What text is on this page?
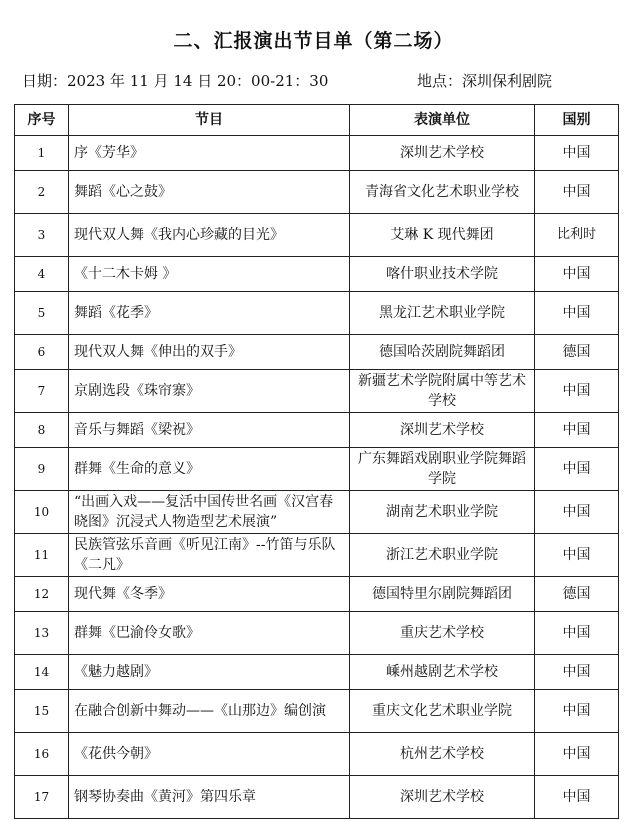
二、汇报演出节目单（第二场）
日期：2023 年 11 月 14 日 20：00-21：30	地点：深圳保利剧院
序号	节目	表演单位	国别
1	序《芳华》	深圳艺术学校	中国
2	舞蹈《心之鼓》	青海省文化艺术职业学校	中国
3	现代双人舞《我内心珍藏的目光》	艾琳 K 现代舞团	比利时
4	《十二木卡姆 》	喀什职业技术学院	中国
5	舞蹈《花季》	黑龙江艺术职业学院	中国
6	现代双人舞《伸出的双手》	德国哈茨剧院舞蹈团	德国
7	京剧选段《珠帘寨》	新疆艺术学院附属中等艺术学校	中国
8	音乐与舞蹈《梁祝》	深圳艺术学校	中国
9	群舞《生命的意义》	广东舞蹈戏剧职业学院舞蹈学院	中国
10	“出画入戏——复活中国传世名画《汉宫春晓图》沉浸式人物造型艺术展演”	湖南艺术职业学院	中国
11	民族管弦乐音画《听见江南》--竹笛与乐队《二凡》	浙江艺术职业学院	中国
12	现代舞《冬季》	德国特里尔剧院舞蹈团	德国
13	群舞《巴渝伶女歌》	重庆艺术学校	中国
14	《魅力越剧》	嵊州越剧艺术学校	中国
15	在融合创新中舞动——《山那边》编创演	重庆文化艺术职业学院	中国
16	《花供今朝》	杭州艺术学校	中国
17	钢琴协奏曲《黄河》第四乐章	深圳艺术学校	中国
